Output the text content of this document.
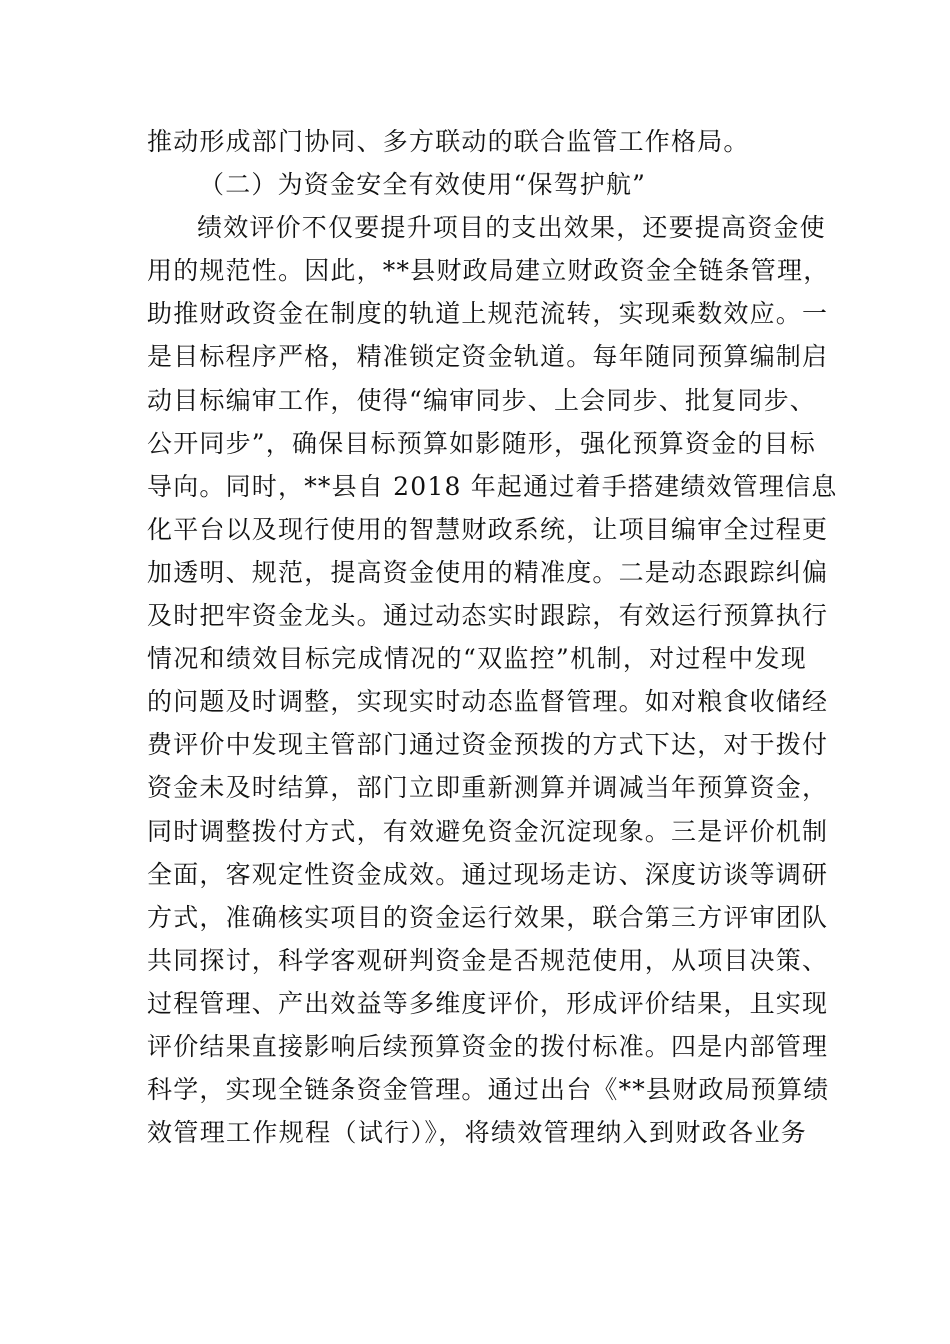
推动形成部门协同、多方联动的联合监管工作格局。
（二）为资金安全有效使用“保驾护航”
绩效评价不仅要提升项目的支出效果，还要提高资金使
用的规范性。因此，**县财政局建立财政资金全链条管理，
助推财政资金在制度的轨道上规范流转，实现乘数效应。一
是目标程序严格，精准锁定资金轨道。每年随同预算编制启
动目标编审工作，使得“编审同步、上会同步、批复同步、
公开同步”，确保目标预算如影随形，强化预算资金的目标
导向。同时，**县自 2018 年起通过着手搭建绩效管理信息
化平台以及现行使用的智慧财政系统，让项目编审全过程更
加透明、规范，提高资金使用的精准度。二是动态跟踪纠偏
及时把牢资金龙头。通过动态实时跟踪，有效运行预算执行
情况和绩效目标完成情况的“双监控”机制，对过程中发现
的问题及时调整，实现实时动态监督管理。如对粮食收储经
费评价中发现主管部门通过资金预拨的方式下达，对于拨付
资金未及时结算，部门立即重新测算并调减当年预算资金，
同时调整拨付方式，有效避免资金沉淀现象。三是评价机制
全面，客观定性资金成效。通过现场走访、深度访谈等调研
方式，准确核实项目的资金运行效果，联合第三方评审团队
共同探讨，科学客观研判资金是否规范使用，从项目决策、
过程管理、产出效益等多维度评价，形成评价结果，且实现
评价结果直接影响后续预算资金的拨付标准。四是内部管理
科学，实现全链条资金管理。通过出台《**县财政局预算绩
效管理工作规程（试行）》，将绩效管理纳入到财政各业务
